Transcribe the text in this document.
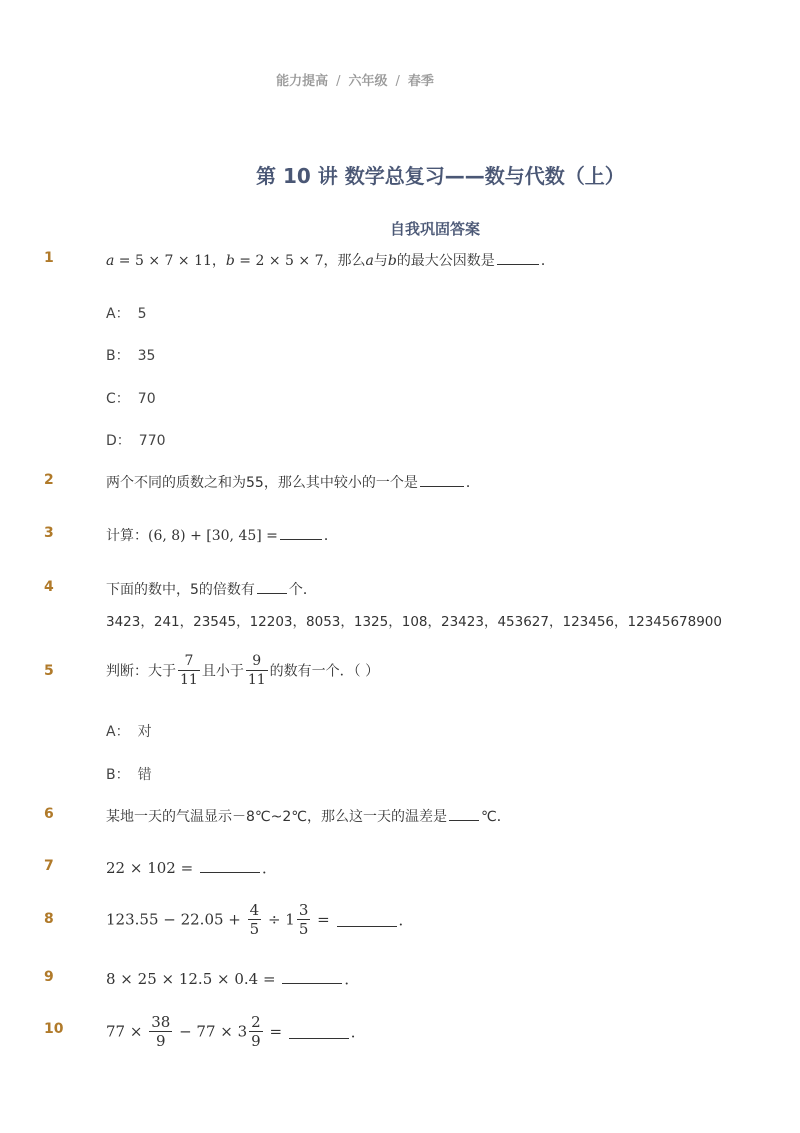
能力提高 / 六年级 / 春季
第 10 讲 数学总复习——数与代数（上）
自我巩固答案
1	a = 5 × 7 × 11，b = 2 × 5 × 7，那么a与b的最大公因数是	．
A： 5
B： 35
C： 70
D： 770
2	两个不同的质数之和为55，那么其中较小的一个是	．
3	计算：(6, 8) + [30, 45] =	．
4	下面的数中，5的倍数有 个．
3423，241，23545，12203，8053，1325，108，23423，453627，123456，12345678900
5	判断：大于 $\frac{7}{11}$ 且小于 $\frac{9}{11}$ 的数有一个．（ ）
A： 对
B： 错
6	某地一天的气温显示－8℃~2℃，那么这一天的温差是 ℃．
7	22 × 102 =	．
8	$123.55 - 22.05 + \frac{4}{5} \div 1 \frac{3}{5}$ =	．
9	8 × 25 × 12.5 × 0.4 =	．
10	$77 \times \frac{38}{9} - 77 \times 3 \frac{2}{9}$ =	．
